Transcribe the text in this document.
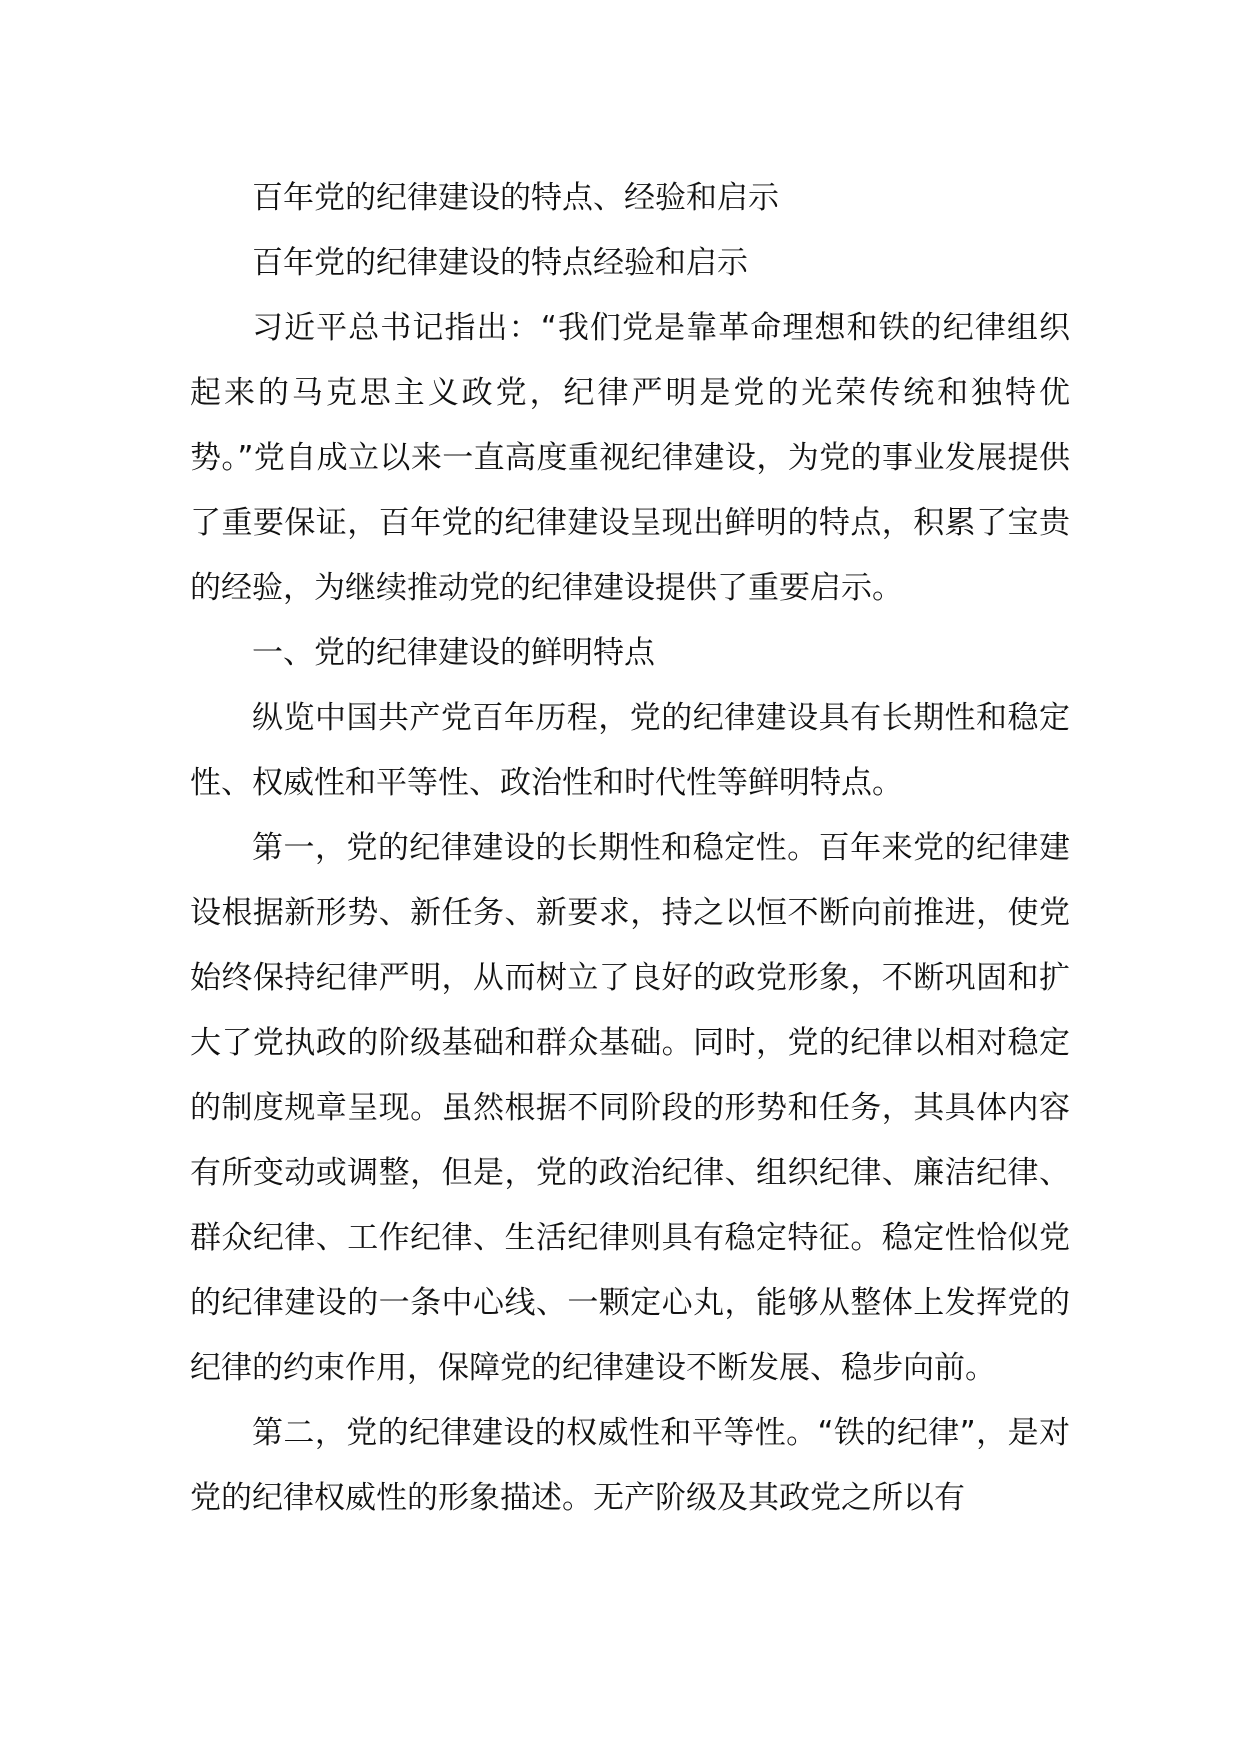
百年党的纪律建设的特点、经验和启示

百年党的纪律建设的特点经验和启示

习近平总书记指出：“我们党是靠革命理想和铁的纪律组织起来的马克思主义政党，纪律严明是党的光荣传统和独特优势。”党自成立以来一直高度重视纪律建设，为党的事业发展提供了重要保证，百年党的纪律建设呈现出鲜明的特点，积累了宝贵的经验，为继续推动党的纪律建设提供了重要启示。

一、党的纪律建设的鲜明特点

纵览中国共产党百年历程，党的纪律建设具有长期性和稳定性、权威性和平等性、政治性和时代性等鲜明特点。

第一，党的纪律建设的长期性和稳定性。百年来党的纪律建设根据新形势、新任务、新要求，持之以恒不断向前推进，使党始终保持纪律严明，从而树立了良好的政党形象，不断巩固和扩大了党执政的阶级基础和群众基础。同时，党的纪律以相对稳定的制度规章呈现。虽然根据不同阶段的形势和任务，其具体内容有所变动或调整，但是，党的政治纪律、组织纪律、廉洁纪律、群众纪律、工作纪律、生活纪律则具有稳定特征。稳定性恰似党的纪律建设的一条中心线、一颗定心丸，能够从整体上发挥党的纪律的约束作用，保障党的纪律建设不断发展、稳步向前。

第二，党的纪律建设的权威性和平等性。“铁的纪律”，是对党的纪律权威性的形象描述。无产阶级及其政党之所以有
